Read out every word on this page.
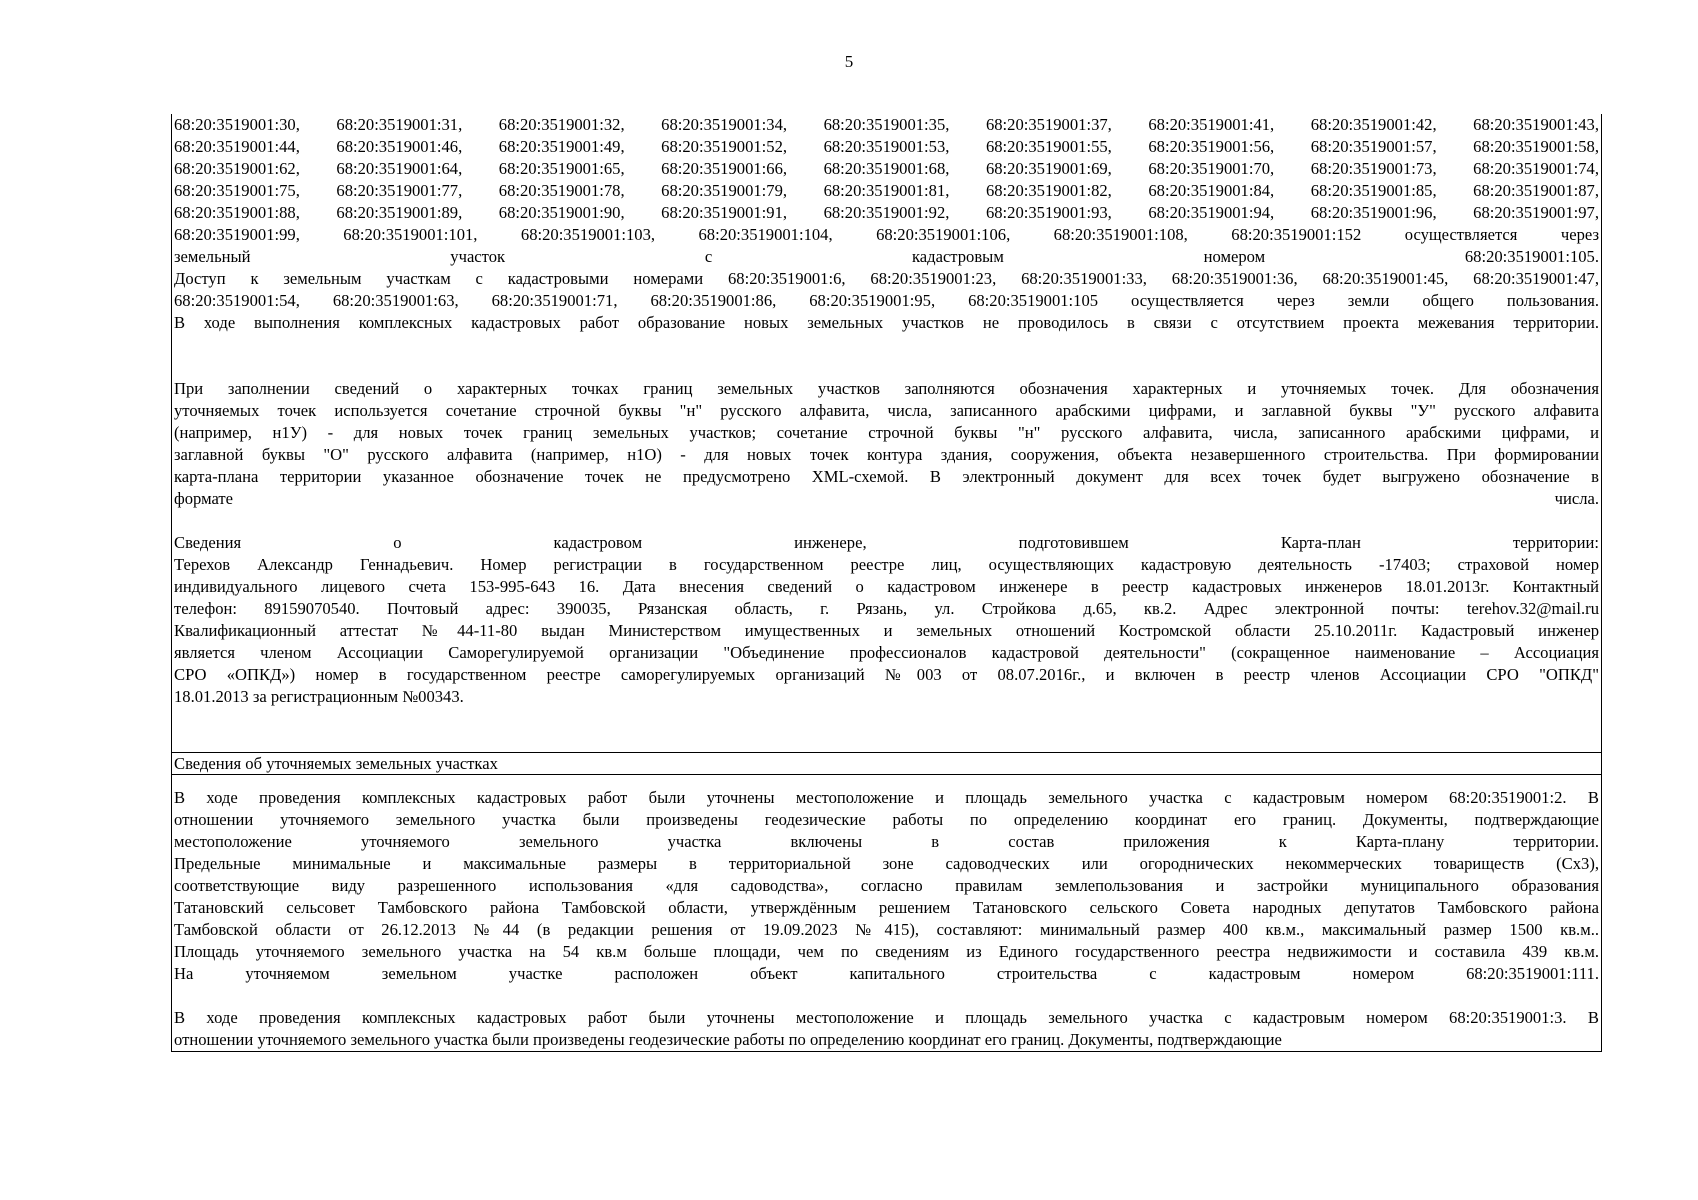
5

68:20:3519001:30, 68:20:3519001:31, 68:20:3519001:32, 68:20:3519001:34, 68:20:3519001:35, 68:20:3519001:37, 68:20:3519001:41, 68:20:3519001:42, 68:20:3519001:43,

68:20:3519001:44, 68:20:3519001:46, 68:20:3519001:49, 68:20:3519001:52, 68:20:3519001:53, 68:20:3519001:55, 68:20:3519001:56, 68:20:3519001:57, 68:20:3519001:58,

68:20:3519001:62, 68:20:3519001:64, 68:20:3519001:65, 68:20:3519001:66, 68:20:3519001:68, 68:20:3519001:69, 68:20:3519001:70, 68:20:3519001:73, 68:20:3519001:74,

68:20:3519001:75, 68:20:3519001:77, 68:20:3519001:78, 68:20:3519001:79, 68:20:3519001:81, 68:20:3519001:82, 68:20:3519001:84, 68:20:3519001:85, 68:20:3519001:87,

68:20:3519001:88, 68:20:3519001:89, 68:20:3519001:90, 68:20:3519001:91, 68:20:3519001:92, 68:20:3519001:93, 68:20:3519001:94, 68:20:3519001:96, 68:20:3519001:97,

68:20:3519001:99, 68:20:3519001:101, 68:20:3519001:103, 68:20:3519001:104, 68:20:3519001:106, 68:20:3519001:108, 68:20:3519001:152 осуществляется через

земельный участок с кадастровым номером 68:20:3519001:105.

Доступ к земельным участкам с кадастровыми номерами 68:20:3519001:6, 68:20:3519001:23, 68:20:3519001:33, 68:20:3519001:36, 68:20:3519001:45, 68:20:3519001:47,

68:20:3519001:54, 68:20:3519001:63, 68:20:3519001:71, 68:20:3519001:86, 68:20:3519001:95, 68:20:3519001:105 осуществляется через земли общего пользования.

В ходе выполнения комплексных кадастровых работ образование новых земельных участков не проводилось в связи с отсутствием проекта межевания территории.

При заполнении сведений о характерных точках границ земельных участков заполняются обозначения характерных и уточняемых точек. Для обозначения

уточняемых точек используется сочетание строчной буквы "н" русского алфавита, числа, записанного арабскими цифрами, и заглавной буквы "У" русского алфавита

(например, н1У) - для новых точек границ земельных участков; сочетание строчной буквы "н" русского алфавита, числа, записанного арабскими цифрами, и

заглавной буквы "О" русского алфавита (например, н1О) - для новых точек контура здания, сооружения, объекта незавершенного строительства. При формировании

карта-плана территории указанное обозначение точек не предусмотрено XML-схемой. В электронный документ для всех точек будет выгружено обозначение в

формате числа.

Сведения о кадастровом инженере, подготовившем Карта-план территории:

Терехов Александр Геннадьевич. Номер регистрации в государственном реестре лиц, осуществляющих кадастровую деятельность -17403; страховой номер

индивидуального лицевого счета 153-995-643 16. Дата внесения сведений о кадастровом инженере в реестр кадастровых инженеров 18.01.2013г. Контактный

телефон: 89159070540. Почтовый адрес: 390035, Рязанская область, г. Рязань, ул. Стройкова д.65, кв.2. Адрес электронной почты: terehov.32@mail.ru

Квалификационный аттестат №44-11-80 выдан Министерством имущественных и земельных отношений Костромской области 25.10.2011г. Кадастровый инженер

является членом Ассоциации Саморегулируемой организации "Объединение профессионалов кадастровой деятельности" (сокращенное наименование – Ассоциация

СРО «ОПКД») номер в государственном реестре саморегулируемых организаций №003 от 08.07.2016г., и включен в реестр членов Ассоциации СРО "ОПКД"

18.01.2013 за регистрационным №00343.

Сведения об уточняемых земельных участках

В ходе проведения комплексных кадастровых работ были уточнены местоположение и площадь земельного участка с кадастровым номером 68:20:3519001:2. В

отношении уточняемого земельного участка были произведены геодезические работы по определению координат его границ. Документы, подтверждающие

местоположение уточняемого земельного участка включены в состав приложения к Карта-плану территории.

Предельные минимальные и максимальные размеры в территориальной зоне садоводческих или огороднических некоммерческих товариществ (Сх3),

соответствующие виду разрешенного использования «для садоводства», согласно правилам землепользования и застройки муниципального образования

Татановский сельсовет Тамбовского района Тамбовской области, утверждённым решением Татановского сельского Совета народных депутатов Тамбовского района

Тамбовской области от 26.12.2013 №44 (в редакции решения от 19.09.2023 №415), составляют: минимальный размер 400 кв.м., максимальный размер 1500 кв.м..

Площадь уточняемого земельного участка на 54 кв.м больше площади, чем по сведениям из Единого государственного реестра недвижимости и составила 439 кв.м.

На уточняемом земельном участке расположен объект капитального строительства с кадастровым номером 68:20:3519001:111.

В ходе проведения комплексных кадастровых работ были уточнены местоположение и площадь земельного участка с кадастровым номером 68:20:3519001:3. В

отношении уточняемого земельного участка были произведены геодезические работы по определению координат его границ. Документы, подтверждающие
